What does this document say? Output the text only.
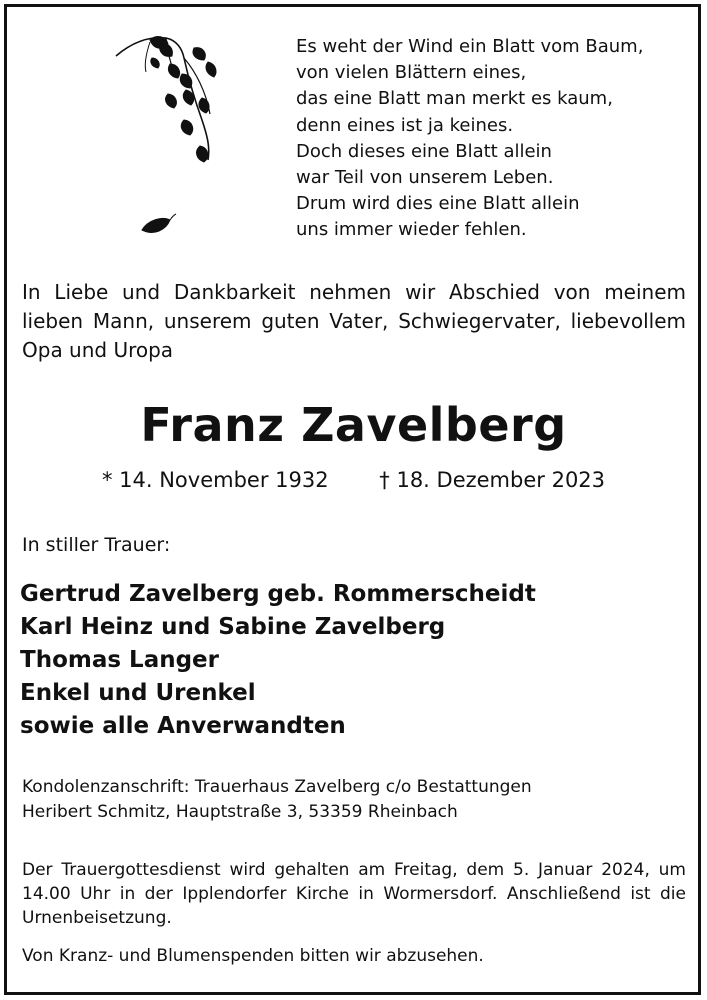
Es weht der Wind ein Blatt vom Baum,
von vielen Blättern eines,
das eine Blatt man merkt es kaum,
denn eines ist ja keines.
Doch dieses eine Blatt allein
war Teil von unserem Leben.
Drum wird dies eine Blatt allein
uns immer wieder fehlen.
In Liebe und Dankbarkeit nehmen wir Abschied von meinem lieben Mann, unserem guten Vater, Schwiegervater, liebevollem Opa und Uropa
Franz Zavelberg
* 14. November 1932 † 18. Dezember 2023
In stiller Trauer:
Gertrud Zavelberg geb. Rommerscheidt
Karl Heinz und Sabine Zavelberg
Thomas Langer
Enkel und Urenkel
sowie alle Anverwandten
Kondolenzanschrift: Trauerhaus Zavelberg c/o Bestattungen
Heribert Schmitz, Hauptstraße 3, 53359 Rheinbach
Der Trauergottesdienst wird gehalten am Freitag, dem 5. Januar 2024, um 14.00 Uhr in der Ipplendorfer Kirche in Wormersdorf. Anschließend ist die Urnenbeisetzung.
Von Kranz- und Blumenspenden bitten wir abzusehen.
